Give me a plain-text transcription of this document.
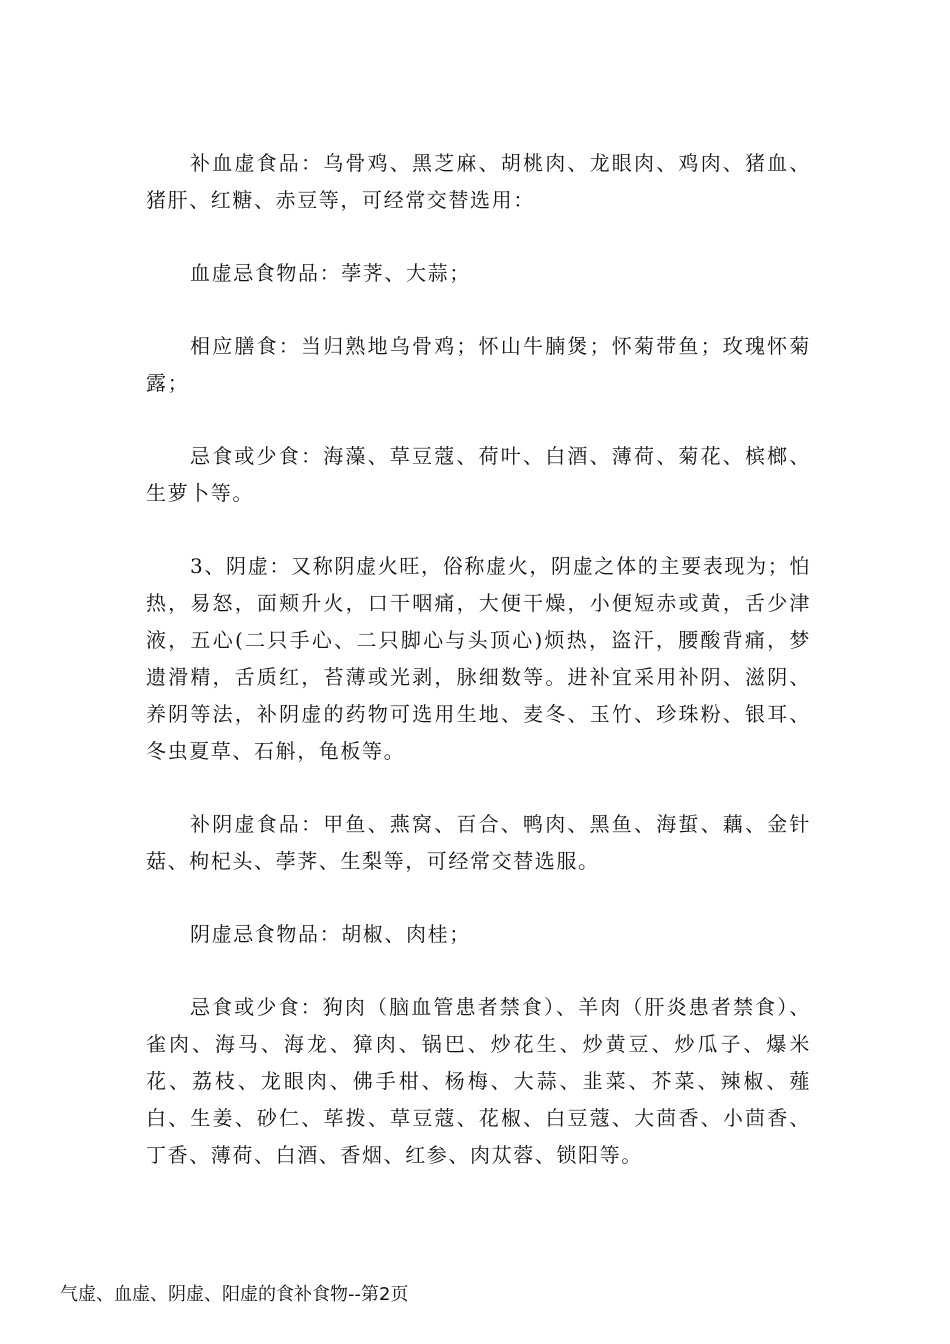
补血虚食品：乌骨鸡、黑芝麻、胡桃肉、龙眼肉、鸡肉、猪血、猪肝、红糖、赤豆等，可经常交替选用：

血虚忌食物品：荸荠、大蒜；

相应膳食：当归熟地乌骨鸡；怀山牛腩煲；怀菊带鱼；玫瑰怀菊露；

忌食或少食：海藻、草豆蔻、荷叶、白酒、薄荷、菊花、槟榔、生萝卜等。

3、阴虚：又称阴虚火旺，俗称虚火，阴虚之体的主要表现为；怕热，易怒，面颊升火，口干咽痛，大便干燥，小便短赤或黄，舌少津液，五心(二只手心、二只脚心与头顶心)烦热，盗汗，腰酸背痛，梦遗滑精，舌质红，苔薄或光剥，脉细数等。进补宜采用补阴、滋阴、养阴等法，补阴虚的药物可选用生地、麦冬、玉竹、珍珠粉、银耳、冬虫夏草、石斛，龟板等。

补阴虚食品：甲鱼、燕窝、百合、鸭肉、黑鱼、海蜇、藕、金针菇、枸杞头、荸荠、生梨等，可经常交替选服。

阴虚忌食物品：胡椒、肉桂；

忌食或少食：狗肉（脑血管患者禁食）、羊肉（肝炎患者禁食）、雀肉、海马、海龙、獐肉、锅巴、炒花生、炒黄豆、炒瓜子、爆米花、荔枝、龙眼肉、佛手柑、杨梅、大蒜、韭菜、芥菜、辣椒、薤白、生姜、砂仁、荜拨、草豆蔻、花椒、白豆蔻、大茴香、小茴香、丁香、薄荷、白酒、香烟、红参、肉苁蓉、锁阳等。

气虚、血虚、阴虚、阳虚的食补食物--第2页
